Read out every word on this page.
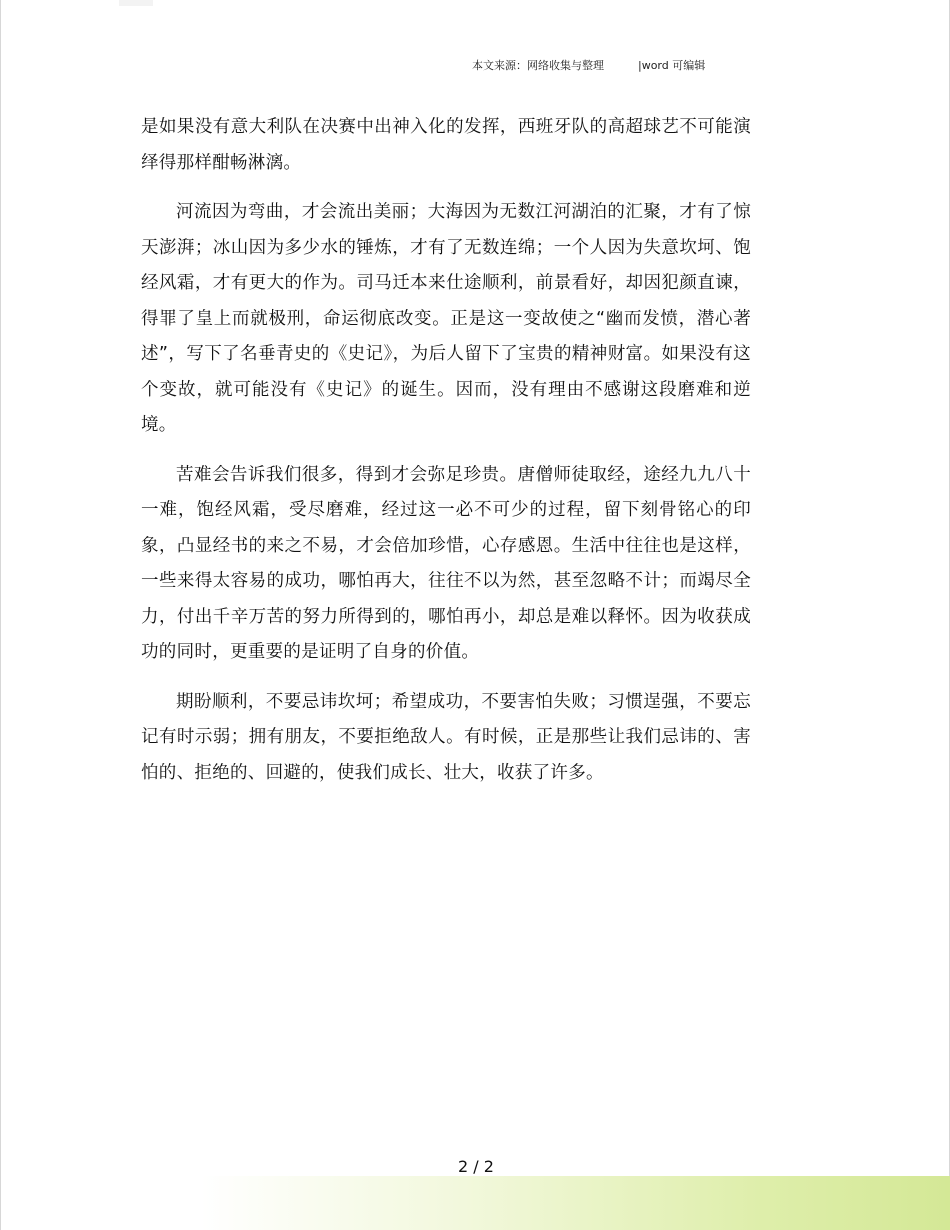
本文来源：网络收集与整理	|word 可编辑

是如果没有意大利队在决赛中出神入化的发挥，西班牙队的高超球艺不可能演绎得那样酣畅淋漓。

河流因为弯曲，才会流出美丽；大海因为无数江河湖泊的汇聚，才有了惊天澎湃；冰山因为多少水的锤炼，才有了无数连绵；一个人因为失意坎坷、饱经风霜，才有更大的作为。司马迁本来仕途顺利，前景看好，却因犯颜直谏，得罪了皇上而就极刑，命运彻底改变。正是这一变故使之“幽而发愤，潜心著述”，写下了名垂青史的《史记》，为后人留下了宝贵的精神财富。如果没有这个变故，就可能没有《史记》的诞生。因而，没有理由不感谢这段磨难和逆境。

苦难会告诉我们很多，得到才会弥足珍贵。唐僧师徒取经，途经九九八十一难，饱经风霜，受尽磨难，经过这一必不可少的过程，留下刻骨铭心的印象，凸显经书的来之不易，才会倍加珍惜，心存感恩。生活中往往也是这样，一些来得太容易的成功，哪怕再大，往往不以为然，甚至忽略不计；而竭尽全力，付出千辛万苦的努力所得到的，哪怕再小，却总是难以释怀。因为收获成功的同时，更重要的是证明了自身的价值。

期盼顺利，不要忌讳坎坷；希望成功，不要害怕失败；习惯逞强，不要忘记有时示弱；拥有朋友，不要拒绝敌人。有时候，正是那些让我们忌讳的、害怕的、拒绝的、回避的，使我们成长、壮大，收获了许多。

2 / 2
